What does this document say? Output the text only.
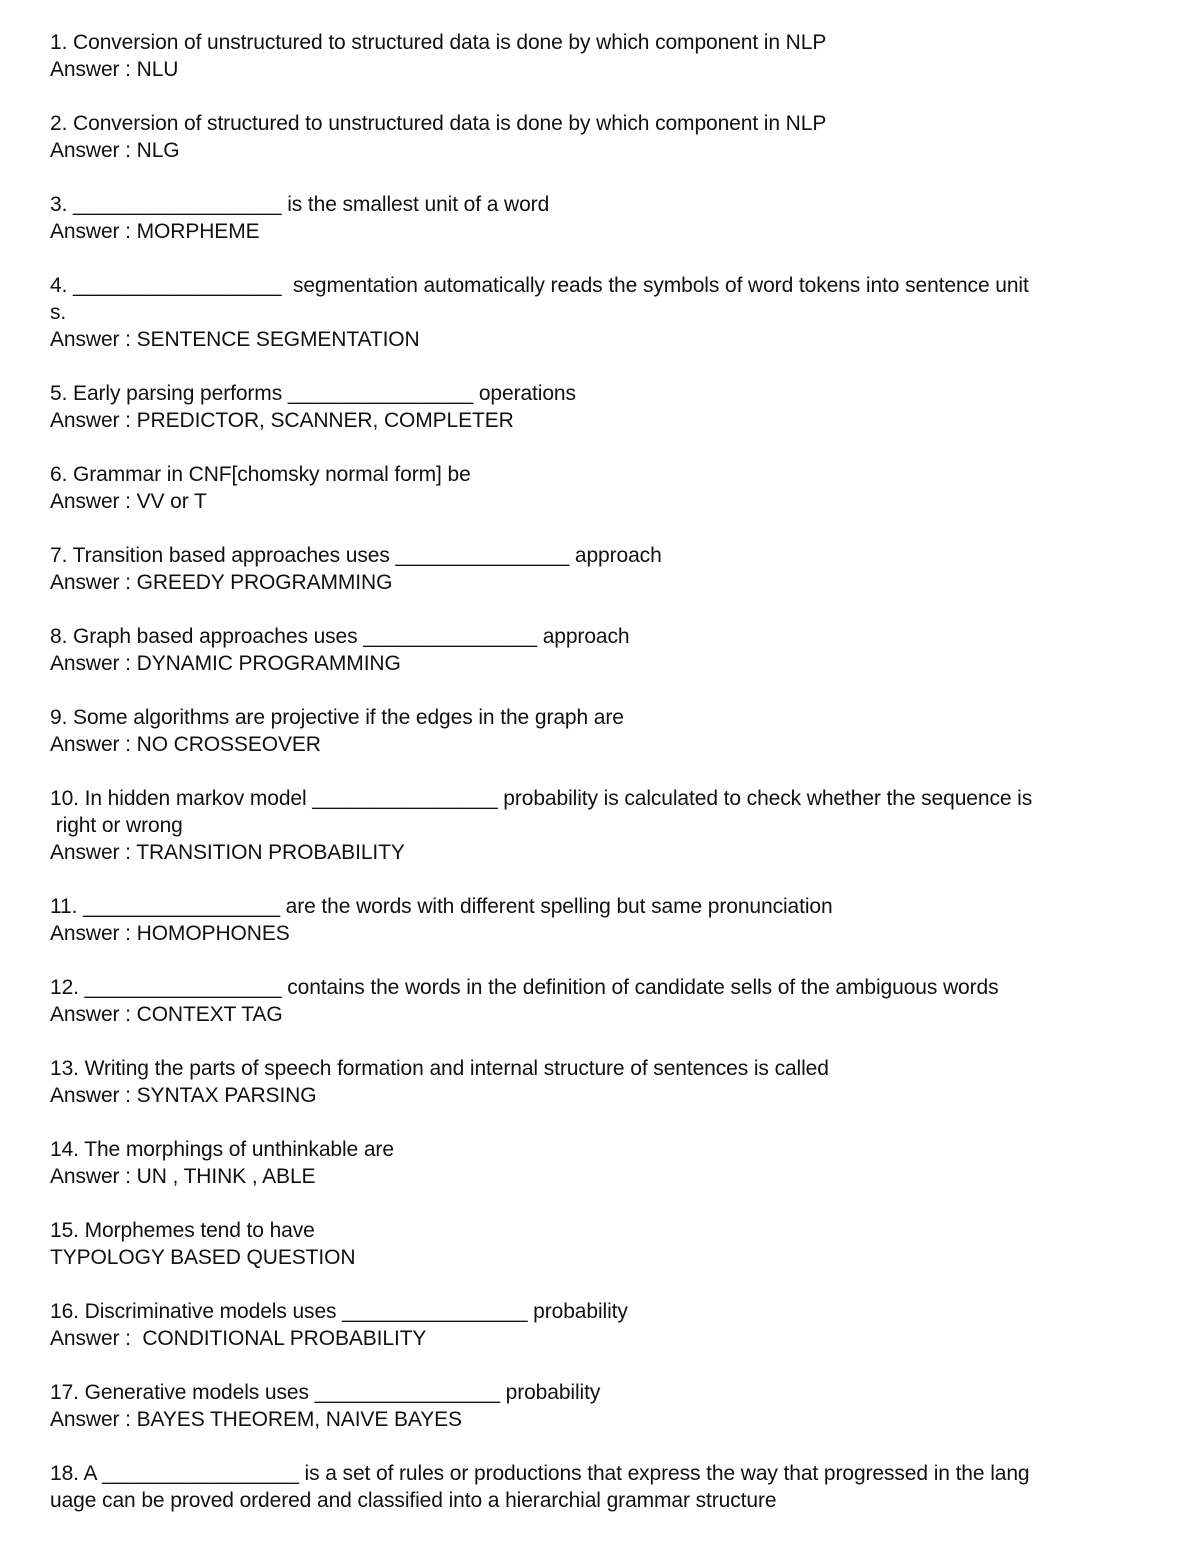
1. Conversion of unstructured to structured data is done by which component in NLP

Answer : NLU

2. Conversion of structured to unstructured data is done by which component in NLP

Answer : NLG

3. __________________ is the smallest unit of a word

Answer : MORPHEME

4. __________________  segmentation automatically reads the symbols of word tokens into sentence unit
s.

Answer : SENTENCE SEGMENTATION

5. Early parsing performs ________________ operations

Answer : PREDICTOR, SCANNER, COMPLETER

6. Grammar in CNF[chomsky normal form] be

Answer : VV or T

7. Transition based approaches uses _______________ approach

Answer : GREEDY PROGRAMMING

8. Graph based approaches uses _______________ approach

Answer : DYNAMIC PROGRAMMING

9. Some algorithms are projective if the edges in the graph are

Answer : NO CROSSEOVER

10. In hidden markov model ________________ probability is calculated to check whether the sequence is
right or wrong

Answer : TRANSITION PROBABILITY

11. _________________ are the words with different spelling but same pronunciation

Answer : HOMOPHONES

12. _________________ contains the words in the definition of candidate sells of the ambiguous words

Answer : CONTEXT TAG

13. Writing the parts of speech formation and internal structure of sentences is called

Answer : SYNTAX PARSING

14. The morphings of unthinkable are

Answer : UN , THINK , ABLE

15. Morphemes tend to have

TYPOLOGY BASED QUESTION

16. Discriminative models uses ________________ probability

Answer :  CONDITIONAL PROBABILITY

17. Generative models uses ________________ probability

Answer : BAYES THEOREM, NAIVE BAYES

18. A _________________ is a set of rules or productions that express the way that progressed in the lang
uage can be proved ordered and classified into a hierarchial grammar structure
